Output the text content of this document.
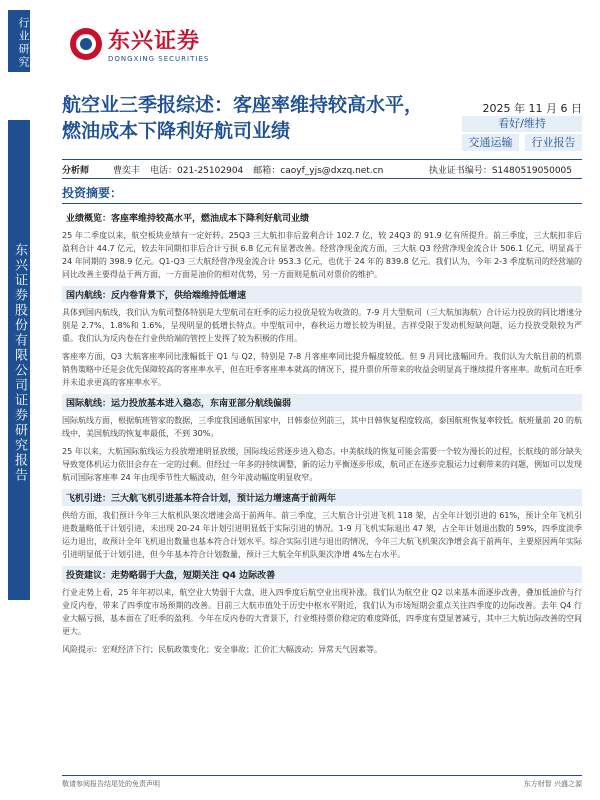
行业研究
东兴证券股份有限公司证券研究报告
东兴证券
DONGXING SECURITIES
航空业三季报综述：客座率维持较高水平，燃油成本下降利好航司业绩
2025 年 11 月 6 日
看好/维持
交通运输	行业报告
分析师	曹奕丰 电话：021-25102904 邮箱：caoyf_yjs@dxzq.net.cn	执业证书编号：S1480519050005
投资摘要：
业绩概览：客座率维持较高水平，燃油成本下降利好航司业绩
25 年二季度以来，航空板块业绩有一定好转。25Q3 三大航扣非后盈利合计 102.7 亿，较 24Q3 的 91.9 亿有所提升。前三季度，三大航扣非后盈利合计 44.7 亿元，较去年同期扣非后合计亏损 6.8 亿元有显著改善。经营净现金流方面，三大航 Q3 经营净现金流合计 506.1 亿元，明显高于 24 年同期的 398.9 亿元。Q1-Q3 三大航经营净现金流合计 953.3 亿元，也优于 24 年的 839.8 亿元。我们认为，今年 2-3 季度航司的经营端的同比改善主要得益于两方面，一方面是油价的相对优势，另一方面则是航司对票价的维护。
国内航线：反内卷背景下，供给端维持低增速
具体到国内航线，我们认为航司整体特别是大型航司在旺季的运力投放是较为收敛的。7-9 月大型航司（三大航加海航）合计运力投放的同比增速分别是 2.7%、1.8%和 1.6%，呈现明显的低增长特点。中型航司中，春秋运力增长较为明显，吉祥受限于发动机短缺问题，运力投放受限较为严重。我们认为反内卷在行业供给端的管控上发挥了较为积极的作用。
客座率方面，Q3 大航客座率同比涨幅低于 Q1 与 Q2，特别是 7-8 月客座率同比提升幅度较低。但 9 月同比涨幅回升。我们认为大航目前的机票销售策略中还是会优先保障较高的客座率水平，但在旺季客座率本就高的情况下，提升票价所带来的收益会明显高于继续提升客座率。故航司在旺季并未追求更高的客座率水平。
国际航线：运力投放基本进入稳态，东南亚部分航线偏弱
国际航线方面，根据航班管家的数据，三季度我国通航国家中，日韩泰位列前三，其中日韩恢复程度较高，泰国航班恢复率较低。航班量前 20 的航线中，美国航线的恢复率最低，不到 30%。
25 年以来，大航国际航线运力投放增速明显放缓，国际线运营逐步进入稳态。中美航线的恢复可能会需要一个较为漫长的过程，长航线的部分缺失导致宽体机运力依旧会存在一定的过剩。但经过一年多的持续调整，新的运力平衡逐步形成，航司正在逐步克服运力过剩带来的问题，例如可以发现航司国际客座率 24 年由现季节性大幅波动，但今年波动幅度明显收窄。
飞机引进：三大航飞机引进基本符合计划，预计运力增速高于前两年
供给方面，我们预计今年三大航机队架次增速会高于前两年。前三季度，三大航合计引进飞机 118 架，占全年计划引进的 61%，预计全年飞机引进数量略低于计划引进，未出现 20-24 年计划引进明显低于实际引进的情况。1-9 月飞机实际退出 47 架，占全年计划退出数的 59%，四季度淡季运力退出，故预计全年飞机退出数量也基本符合计划水平。综合实际引进与退出的情况，今年三大航飞机架次净增会高于前两年，主要原因两年实际引进明显低于计划引进，但今年基本符合计划数量，预计三大航全年机队架次净增 4%左右水平。
投资建议：走势略弱于大盘，短期关注 Q4 边际改善
行业走势上看，25 年年初以来，航空业大势弱于大盘，进入四季度后航空业出现补涨。我们认为航空业 Q2 以来基本面逐步改善，叠加低油价与行业反内卷，带来了四季度市场预期的改善。目前三大航市值处于历史中枢水平附近，我们认为市场短期会重点关注四季度的边际改善。去年 Q4 行业大幅亏损，基本面在了旺季的盈利。今年在反内卷的大背景下，行业维持票价稳定的难度降低，四季度有望显著减亏，其中三大航边际改善的空间更大。
风险提示：宏观经济下行；民航政策变化；安全事故；汇价汇大幅波动；异常天气因素等。
敬请参阅报告结尾处的免责声明	东方财智 兴盛之源
